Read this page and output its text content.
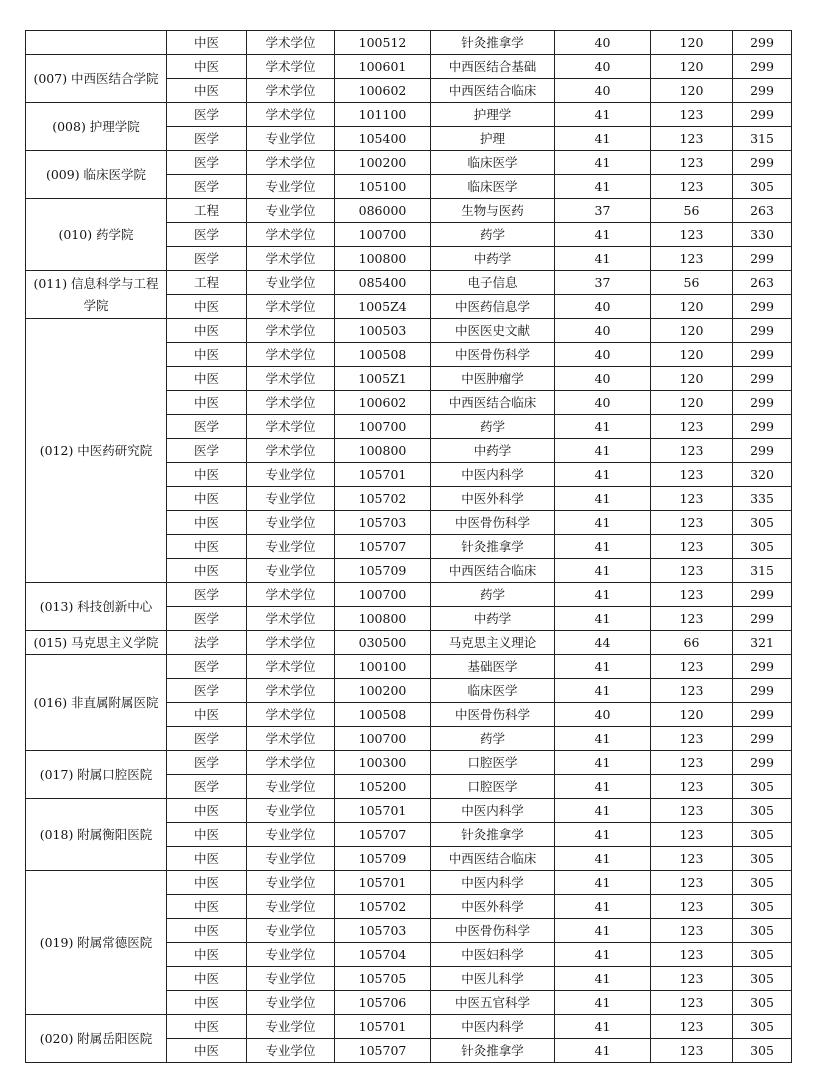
	中医	学术学位	100512	针灸推拿学	40	120	299
(007) 中西医结合学院	中医	学术学位	100601	中西医结合基础	40	120	299
	中医	学术学位	100602	中西医结合临床	40	120	299
(008) 护理学院	医学	学术学位	101100	护理学	41	123	299
	医学	专业学位	105400	护理	41	123	315
(009) 临床医学院	医学	学术学位	100200	临床医学	41	123	299
	医学	专业学位	105100	临床医学	41	123	305
(010) 药学院	工程	专业学位	086000	生物与医药	37	56	263
	医学	学术学位	100700	药学	41	123	330
	医学	学术学位	100800	中药学	41	123	299
(011) 信息科学与工程学院	工程	专业学位	085400	电子信息	37	56	263
	中医	学术学位	1005Z4	中医药信息学	40	120	299
(012) 中医药研究院	中医	学术学位	100503	中医医史文献	40	120	299
	中医	学术学位	100508	中医骨伤科学	40	120	299
	中医	学术学位	1005Z1	中医肿瘤学	40	120	299
	中医	学术学位	100602	中西医结合临床	40	120	299
	医学	学术学位	100700	药学	41	123	299
	医学	学术学位	100800	中药学	41	123	299
	中医	专业学位	105701	中医内科学	41	123	320
	中医	专业学位	105702	中医外科学	41	123	335
	中医	专业学位	105703	中医骨伤科学	41	123	305
	中医	专业学位	105707	针灸推拿学	41	123	305
	中医	专业学位	105709	中西医结合临床	41	123	315
(013) 科技创新中心	医学	学术学位	100700	药学	41	123	299
	医学	学术学位	100800	中药学	41	123	299
(015) 马克思主义学院	法学	学术学位	030500	马克思主义理论	44	66	321
(016) 非直属附属医院	医学	学术学位	100100	基础医学	41	123	299
	医学	学术学位	100200	临床医学	41	123	299
	中医	学术学位	100508	中医骨伤科学	40	120	299
	医学	学术学位	100700	药学	41	123	299
(017) 附属口腔医院	医学	学术学位	100300	口腔医学	41	123	299
	医学	专业学位	105200	口腔医学	41	123	305
(018) 附属衡阳医院	中医	专业学位	105701	中医内科学	41	123	305
	中医	专业学位	105707	针灸推拿学	41	123	305
	中医	专业学位	105709	中西医结合临床	41	123	305
(019) 附属常德医院	中医	专业学位	105701	中医内科学	41	123	305
	中医	专业学位	105702	中医外科学	41	123	305
	中医	专业学位	105703	中医骨伤科学	41	123	305
	中医	专业学位	105704	中医妇科学	41	123	305
	中医	专业学位	105705	中医儿科学	41	123	305
	中医	专业学位	105706	中医五官科学	41	123	305
(020) 附属岳阳医院	中医	专业学位	105701	中医内科学	41	123	305
	中医	专业学位	105707	针灸推拿学	41	123	305
